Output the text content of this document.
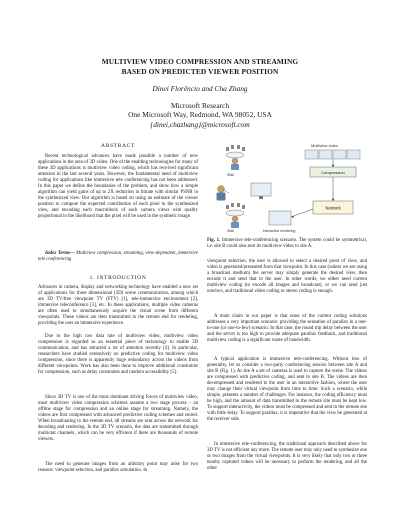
MULTIVIEW VIDEO COMPRESSION AND STREAMING
BASED ON PREDICTED VIEWER POSITION
Dinei Florêncio and Cha Zhang
Microsoft Research
One Microsoft Way, Redmond, WA 98052, USA
{dinei,chazhang}@microsoft.com
ABSTRACT

Recent technological advances have made possible a number of new applications in the area of 3D video. One of the enabling technologies for many of these 3D applications is multiview video coding, which has received significant attention in the last several years. However, the fundamental need of multiview coding for applications like immersive tele conferencing has not been addressed. In this paper we define the boundaries of the problem, and show how a simple algorithm can yield gains of up to 2X reduction in bitrate with similar PSNR in the synthesized view. Our algorithm is based on using an estimate of the viewer position to compute the expected contribution of each pixel to the synthesized view, and encoding each macroblock of each camera views with quality proportional to the likelihood that the pixel will be used in the synthetic image.

Index Terms— Multiview compression, streaming, view-dependent, immersive tele conferencing

1. INTRODUCTION

Advances in camera, display and networking technology have enabled a new set of applications for three dimensional (3D) scene communication, among which are 3D TV/free viewpoint TV (FTV) [1], tele-immersive environment [2], immersive teleconference [3], etc. In these applications, multiple video cameras are often used to simultaneously acquire the visual scene from different viewpoints. These videos are then transmitted to the remote end for rendering, providing the user an immersive experience.

Due to the high raw data rate of multiview video, multiview video compression is regarded as an essential piece of technology to enable 3D communication, and has attracted a lot of attention recently [4]. In particular, researchers have studied extensively on predictive coding for multiview video compression, since there is apparently huge redundancy across the videos from different viewpoints. Work has also been done to improve additional constraints for compression, such as delay constraints and random accessibility [5].

Since 3D TV is one of the most dominant driving forces of multiview video, most multiview video compression schemes assume a two stage process – an offline stage for compression and an online stage for streaming. Namely, the videos are first compressed with advanced predictive coding schemes and stored. When broadcasting to the remote end, all streams are sent across the network for decoding and rendering. In the 3D TV scenario, the data are transmitted through multicast channels, which can be very efficient if there are thousands of remote viewers.

The need to generate images from an arbitrary point may arise for two reasons: viewpoint selection, and parallax simulation. In

Stall
Stall
Multiview video
Compression
Network
Interactive rendering
Fig. 1. Immersive tele-conferencing scenario. The system could be symmetrical, i.e. site B could also sent its multiview video to site A.

viewpoint selection, the user is allowed to select a desired point of view, and video is generated/presented from that viewpoint. In this case (unless we are using a broadcast medium) the server may simply generate the desired view, then encode it and send that to the user. In other words, we either need current multiview coding (to encode all images and broadcast), or we can send just one/two, and traditional video coding or stereo coding is enough.

A main claim in our paper is that none of the current coding solutions addresses a very important scenario: providing the sensation of parallax in a one-to-one (or one-to-few) scenario. In that case, the round trip delay between the user and the server is too high to provide adequate parallax feedback, and traditional multiview coding is a significant waste of bandwidth.

A typical application is immersive tele-conferencing. Without loss of generality, let us consider a two-party conferencing session between site A and site B (Fig. 1). At site A a set of cameras is used to capture the scene. The videos are compressed with predictive coding, and sent to site B. The videos are then decompressed and rendered to the user in an interactive fashion, where the user may change their virtual viewpoint from time to time. Such a scenario, while simple, presents a number of challenges. For instance, the coding efficiency must be high, and the amount of data transmitted to the remote site must be kept low. To support interactivity, the videos must be compressed and sent to the remote site with little delay. To support parallax, it is imperative that the view be generated at the receiver side.

In immersive tele-conferencing, the traditional approach described above for 3D TV is not efficient any more. The remote user may only need to synthesize one or two images from the virtual viewpoints. It is very likely that only two or three nearby captured videos will be necessary to perform the rendering, and all the other
